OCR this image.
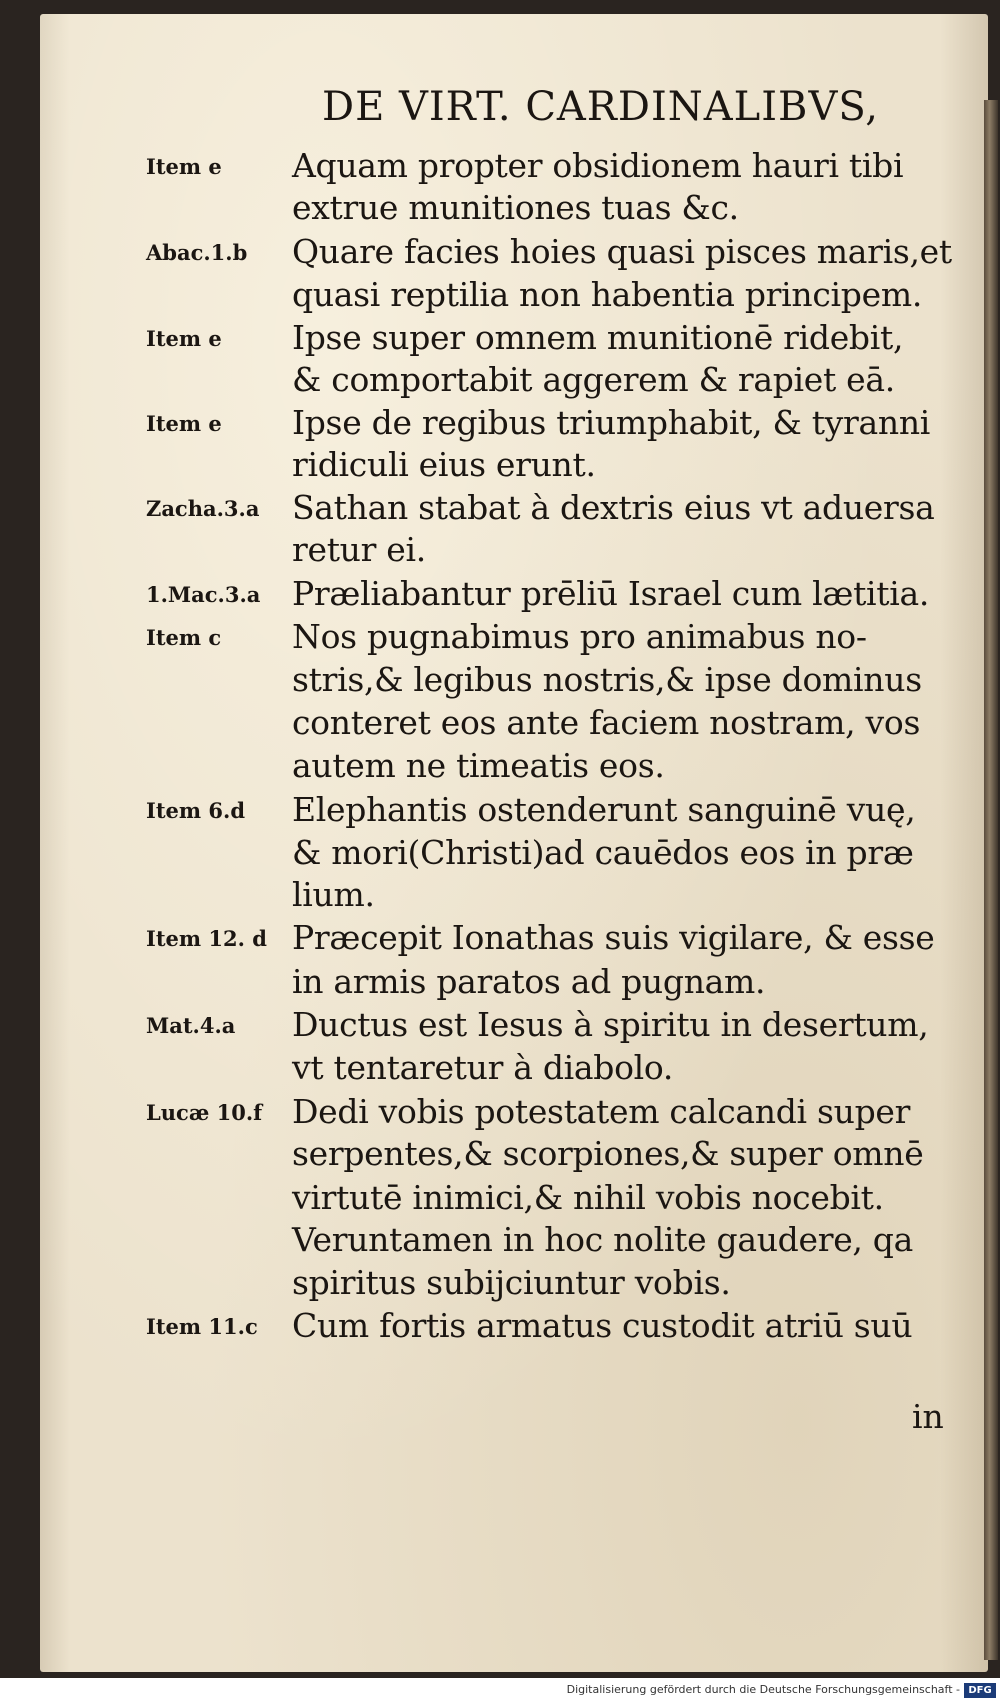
DE VIRT. CARDINALIBVS,
Item e Aquam propter obsidionem hauri tibi
extrue munitiones tuas &c.
Abac.1.b Quare facies hoies quasi pisces maris,et
quasi reptilia non habentia principem.
Item e Ipse super omnem munitionē ridebit,
& comportabit aggerem & rapiet eā.
Item e Ipse de regibus triumphabit, & tyranni
ridiculi eius erunt.
Zacha.3.a Sathan stabat à dextris eius vt aduersa
retur ei.
1.Mac.3.a Præliabantur prēliū Israel cum lætitia.
Item c Nos pugnabimus pro animabus no-
stris,& legibus nostris,& ipse dominus
conteret eos ante faciem nostram, vos
autem ne timeatis eos.
Item 6.d Elephantis ostenderunt sanguinē vuę,
& mori(Christi)ad cauēdos eos in præ
lium.
Item 12. d Præcepit Ionathas suis vigilare, & esse
in armis paratos ad pugnam.
Mat.4.a Ductus est Iesus à spiritu in desertum,
vt tentaretur à diabolo.
Lucæ 10.f Dedi vobis potestatem calcandi super
serpentes,& scorpiones,& super omnē
virtutē inimici,& nihil vobis nocebit.
Veruntamen in hoc nolite gaudere, qa
spiritus subijciuntur vobis.
Item 11.c Cum fortis armatus custodit atriū suū
in
Digitalisierung gefördert durch die Deutsche Forschungsgemeinschaft - DFG
